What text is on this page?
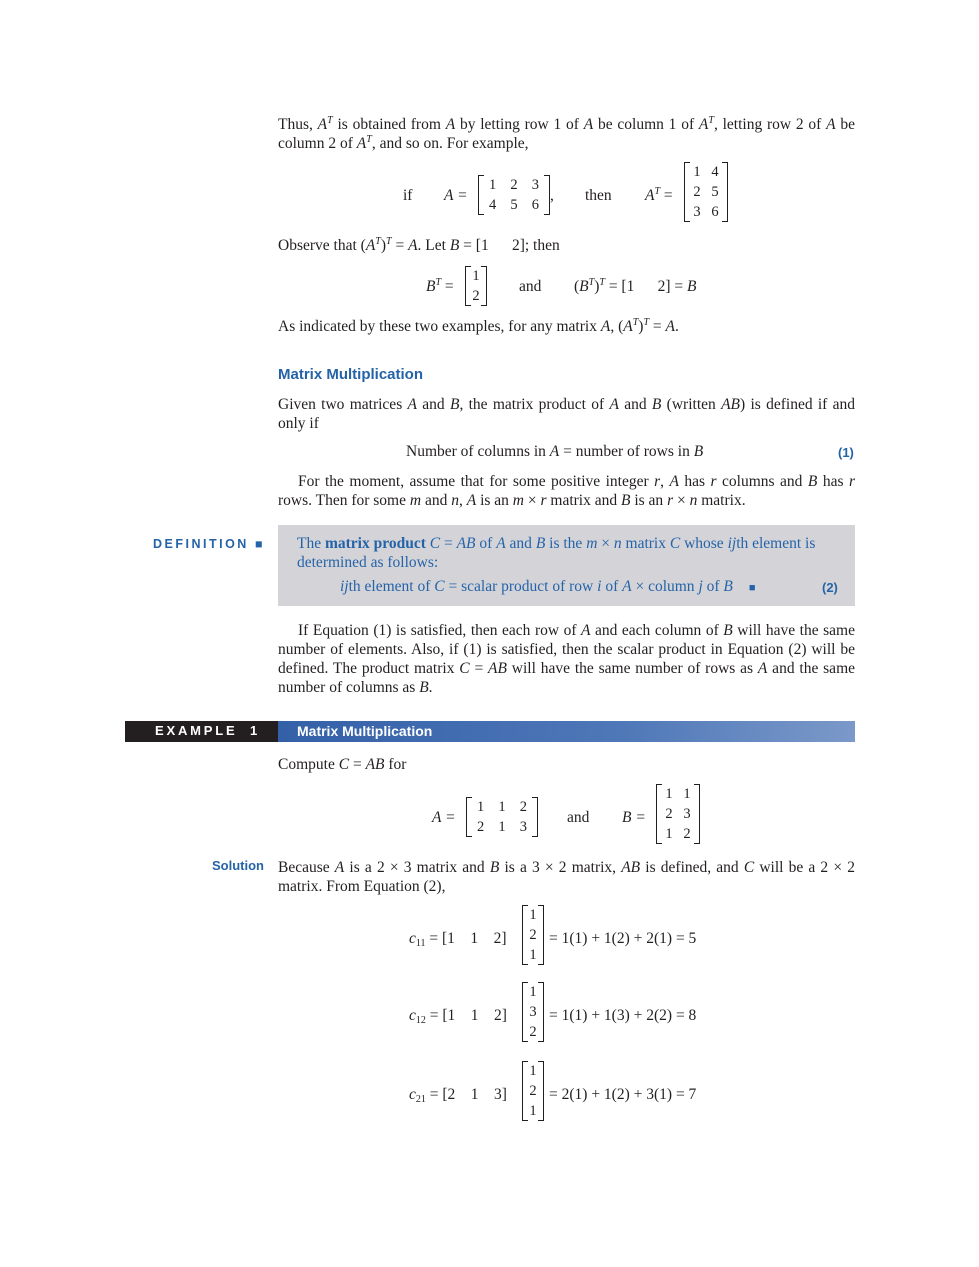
Thus, $A^T$ is obtained from A by letting row 1 of A be column 1 of $A^T$, letting row 2 of A be column 2 of $A^T$, and so on. For example,
if A =
1 2 3
4 5 6
, then $A^T$ =
1 4
2 5
3 6
Observe that $(A^T)^T = A$. Let B = [1   2]; then
$B^T$ =
1
2
and $(B^T)^T = [1$   2] = B
As indicated by these two examples, for any matrix A, $(A^T)^T = A$.
Matrix Multiplication
Given two matrices A and B, the matrix product of A and B (written AB) is defined if and only if
Number of columns in A = number of rows in B	(1)
For the moment, assume that for some positive integer r, A has r columns and B has r rows. Then for some m and n, A is an m × r matrix and B is an r × n matrix.
DEFINITION ■ The matrix product C = AB of A and B is the m × n matrix C whose ijth element is determined as follows:
ijth element of C = scalar product of row i of A × column j of B ■	(2)
If Equation (1) is satisfied, then each row of A and each column of B will have the same number of elements. Also, if (1) is satisfied, then the scalar product in Equation (2) will be defined. The product matrix C = AB will have the same number of rows as A and the same number of columns as B.
EXAMPLE 1	Matrix Multiplication
Compute C = AB for
A =
1 1 2
2 1 3
and B =
1 1
2 3
1 2
Solution Because A is a 2 × 3 matrix and B is a 3 × 2 matrix, AB is defined, and C will be a 2 × 2 matrix. From Equation (2),
$c_{11} = [1$   1   2]
1
2
1
= 1(1) + 1(2) + 2(1) = 5
$c_{12} = [1$   1   2]
1
3
2
= 1(1) + 1(3) + 2(2) = 8
$c_{21} = [2$   1   3]
1
2
1
= 2(1) + 1(2) + 3(1) = 7
